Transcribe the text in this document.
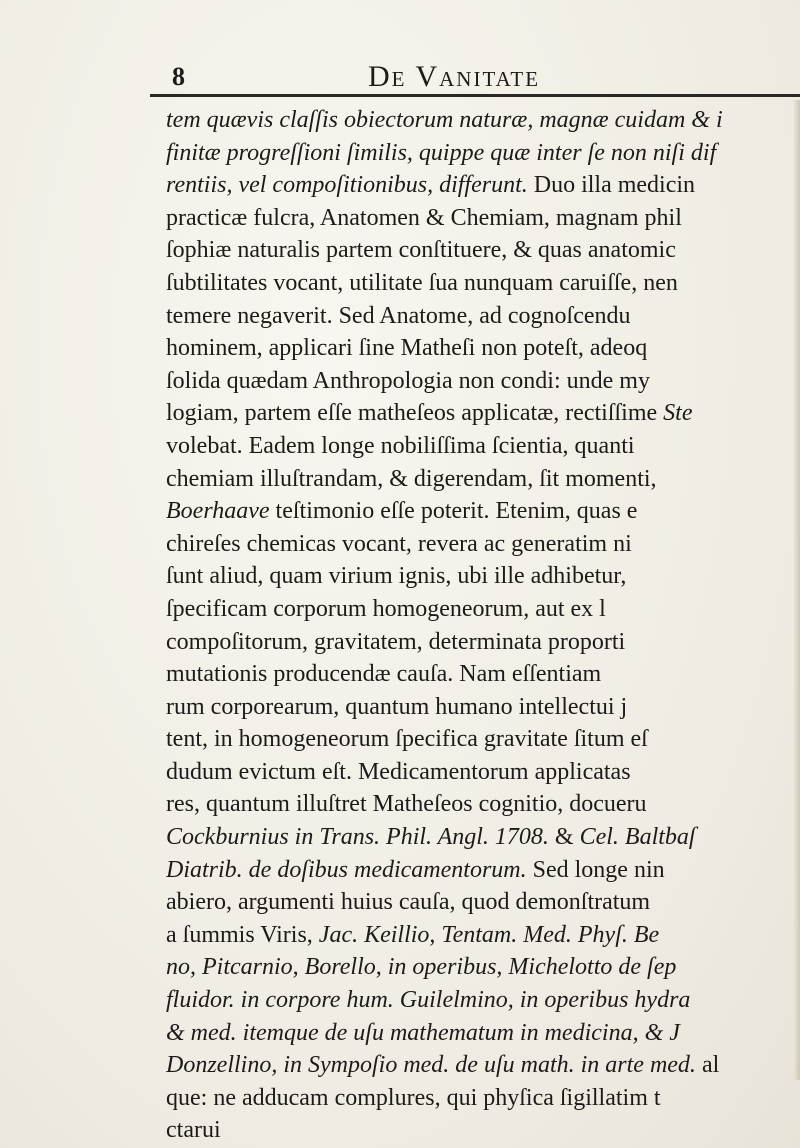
8	De Vanitate
tem quævis claſſis obiectorum naturæ, magnæ cuidam & i
finitæ progreſſioni ſimilis, quippe quæ inter ſe non niſi dif
rentiis, vel compoſitionibus, differunt. Duo illa medicin
practicæ fulcra, Anatomen & Chemiam, magnam phil
ſophiæ naturalis partem conſtituere, & quas anatomic
ſubtilitates vocant, utilitate ſua nunquam caruiſſe, nen
temere negaverit. Sed Anatome, ad cognoſcendu
hominem, applicari ſine Matheſi non poteſt, adeoq
ſolida quædam Anthropologia non condi: unde my
logiam, partem eſſe matheſeos applicatæ, rectiſſime Ste
volebat. Eadem longe nobiliſſima ſcientia, quanti
chemiam illuſtrandam, & digerendam, ſit momenti,
Boerhaave teſtimonio eſſe poterit. Etenim, quas e
chireſes chemicas vocant, revera ac generatim ni
ſunt aliud, quam virium ignis, ubi ille adhibetur,
ſpecificam corporum homogeneorum, aut ex l
compoſitorum, gravitatem, determinata proporti
mutationis producendæ cauſa. Nam eſſentiam
rum corporearum, quantum humano intellectui j
tent, in homogeneorum ſpecifica gravitate ſitum eſ
dudum evictum eſt. Medicamentorum applicatas
res, quantum illuſtret Matheſeos cognitio, docueru
Cockburnius in Trans. Phil. Angl. 1708. & Cel. Baltbaſ
Diatrib. de doſibus medicamentorum. Sed longe nin
abiero, argumenti huius cauſa, quod demonſtratum
a ſummis Viris, Jac. Keillio, Tentam. Med. Phyſ. Be
no, Pitcarnio, Borello, in operibus, Michelotto de ſep
fluidor. in corpore hum. Guilelmino, in operibus hydra
& med. itemque de uſu mathematum in medicina, & J
Donzellino, in Sympoſio med. de uſu math. in arte med. al
que: ne adducam complures, qui phyſica ſigillatim t
ctarui
